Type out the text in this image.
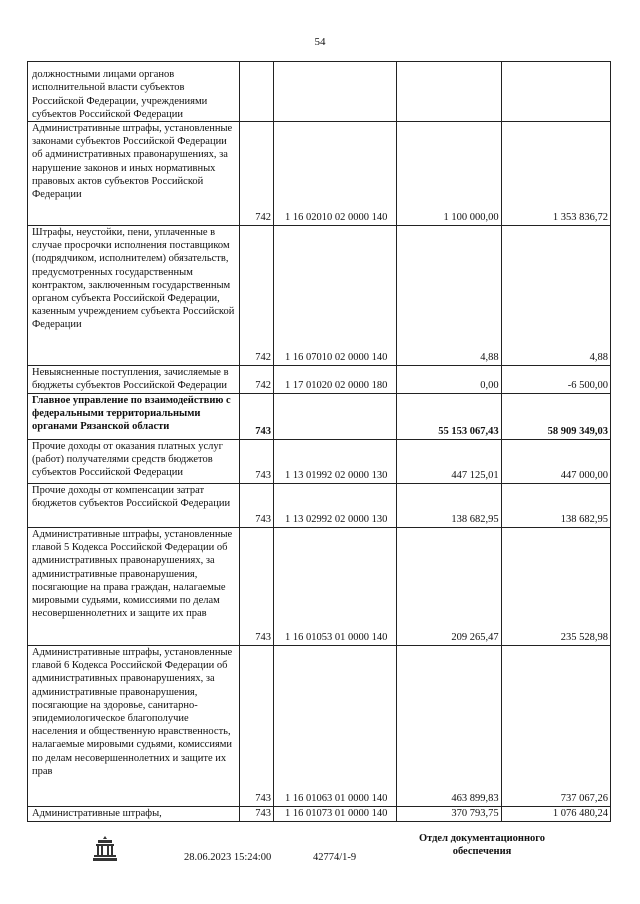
54
должностными лицами органов исполнительной власти субъектов Российской Федерации, учреждениями субъектов Российской Федерации				
Административные штрафы, установленные законами субъектов Российской Федерации об административных правонарушениях, за нарушение законов и иных нормативных правовых актов субъектов Российской Федерации	742	1 16 02010 02 0000 140	1 100 000,00	1 353 836,72
Штрафы, неустойки, пени, уплаченные в случае просрочки исполнения поставщиком (подрядчиком, исполнителем) обязательств, предусмотренных государственным контрактом, заключенным государственным органом субъекта Российской Федерации, казенным учреждением субъекта Российской Федерации	742	1 16 07010 02 0000 140	4,88	4,88
Невыясненные поступления, зачисляемые в бюджеты субъектов Российской Федерации	742	1 17 01020 02 0000 180	0,00	-6 500,00
Главное управление по взаимодействию с федеральными территориальными органами Рязанской области	743		55 153 067,43	58 909 349,03
Прочие доходы от оказания платных услуг (работ) получателями средств бюджетов субъектов Российской Федерации	743	1 13 01992 02 0000 130	447 125,01	447 000,00
Прочие доходы от компенсации затрат бюджетов субъектов Российской Федерации	743	1 13 02992 02 0000 130	138 682,95	138 682,95
Административные штрафы, установленные главой 5 Кодекса Российской Федерации об административных правонарушениях, за административные правонарушения, посягающие на права граждан, налагаемые мировыми судьями, комиссиями по делам несовершеннолетних и защите их прав	743	1 16 01053 01 0000 140	209 265,47	235 528,98
Административные штрафы, установленные главой 6 Кодекса Российской Федерации об административных правонарушениях, за административные правонарушения, посягающие на здоровье, санитарно-эпидемиологическое благополучие населения и общественную нравственность, налагаемые мировыми судьями, комиссиями по делам несовершеннолетних и защите их прав	743	1 16 01063 01 0000 140	463 899,83	737 067,26
Административные штрафы,	743	1 16 01073 01 0000 140	370 793,75	1 076 480,24
28.06.2023 15:24:00	42774/1-9
Отдел документационного
обеспечения
